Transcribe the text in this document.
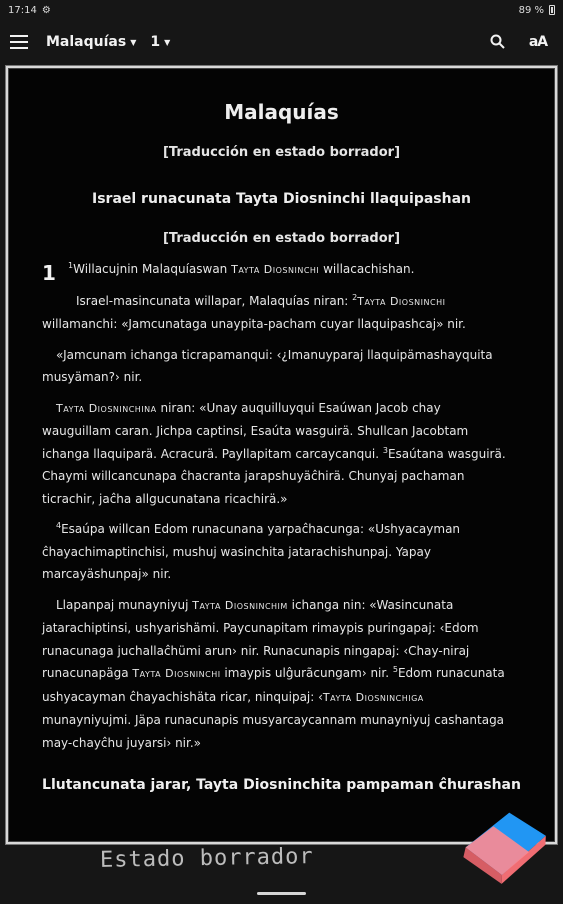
17:14 ⚙	89 %
Malaquías ▼ 1 ▼	aA
Malaquías
[Traducción en estado borrador]
Israel runacunata Tayta Diosninchi llaquipashan
[Traducción en estado borrador]
1	$^1$Willacujnin Malaquíaswan Tayta Diosninchi willacachishan.

Israel-masincunata willapar, Malaquías niran: $^2$Tayta Diosninchi willamanchi: «Jamcunataga unaypita-pacham cuyar llaquipashcaj» nir.

«Jamcunam ichanga ticrapamanqui: ‹¿Imanuyparaj llaquipämashayquita musyäman?› nir.

Tayta Diosninchina niran: «Unay auquilluyqui Esaúwan Jacob chay wauguillam caran. Jichpa captinsi, Esaúta wasguirä. Shullcan Jacobtam ichanga llaquiparä. Acracurä. Payllapitam carcaycanqui. $^3$Esaútana wasguirä. Chaymi willcancunapa ĉhacranta jarapshuyäĉhirä. Chunyaj pachaman ticrachir, jaĉha allgucunatana ricachirä.»

$^4$Esaúpa willcan Edom runacunana yarpaĉhacunga: «Ushyacayman ĉhayachimaptinchisi, mushuj wasinchita jatarachishunpaj. Yapay marcayäshunpaj» nir.

Llapanpaj munayniyuj Tayta Diosninchim ichanga nin: «Wasincunata jatarachiptinsi, ushyarishämi. Paycunapitam rimaypis puringapaj: ‹Edom runacunaga juchallaĉhümi arun› nir. Runacunapis ningapaj: ‹Chay-niraj runacunapäga Tayta Diosninchi imaypis ulĝurãcungam› nir. $^5$Edom runacunata ushyacayman ĉhayachishäta ricar, ninquipaj: ‹Tayta Diosninchiga munayniyujmi. Jäpa runacunapis musyarcaycannam munayniyuj cashantaga may-chayĉhu juyarsi› nir.»

Llutancunata jarar, Tayta Diosninchita pampaman ĉhurashan
Estado borrador
